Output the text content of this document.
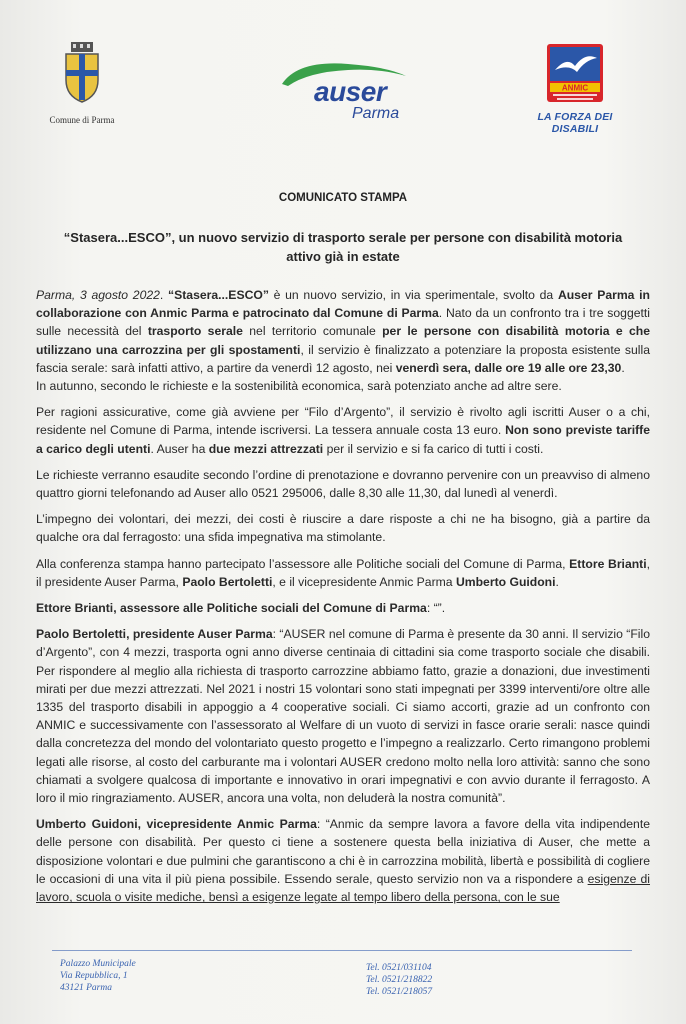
Comune di Parma
auser
Parma
ANMIC
LA FORZA DEI DISABILI
COMUNICATO STAMPA
“Stasera...ESCO”, un nuovo servizio di trasporto serale per persone con disabilità motoria attivo già in estate

Parma, 3 agosto 2022. “Stasera...ESCO” è un nuovo servizio, in via sperimentale, svolto da Auser Parma in collaborazione con Anmic Parma e patrocinato dal Comune di Parma. Nato da un confronto tra i tre soggetti sulle necessità del trasporto serale nel territorio comunale per le persone con disabilità motoria e che utilizzano una carrozzina per gli spostamenti, il servizio è finalizzato a potenziare la proposta esistente sulla fascia serale: sarà infatti attivo, a partire da venerdì 12 agosto, nei venerdì sera, dalle ore 19 alle ore 23,30.
In autunno, secondo le richieste e la sostenibilità economica, sarà potenziato anche ad altre sere.

Per ragioni assicurative, come già avviene per “Filo d’Argento”, il servizio è rivolto agli iscritti Auser o a chi, residente nel Comune di Parma, intende iscriversi. La tessera annuale costa 13 euro. Non sono previste tariffe a carico degli utenti. Auser ha due mezzi attrezzati per il servizio e si fa carico di tutti i costi.

Le richieste verranno esaudite secondo l’ordine di prenotazione e dovranno pervenire con un preavviso di almeno quattro giorni telefonando ad Auser allo 0521 295006, dalle 8,30 alle 11,30, dal lunedì al venerdì.

L’impegno dei volontari, dei mezzi, dei costi è riuscire a dare risposte a chi ne ha bisogno, già a partire da qualche ora dal ferragosto: una sfida impegnativa ma stimolante.

Alla conferenza stampa hanno partecipato l’assessore alle Politiche sociali del Comune di Parma, Ettore Brianti, il presidente Auser Parma, Paolo Bertoletti, e il vicepresidente Anmic Parma Umberto Guidoni.

Ettore Brianti, assessore alle Politiche sociali del Comune di Parma: “”.

Paolo Bertoletti, presidente Auser Parma: “AUSER nel comune di Parma è presente da 30 anni. Il servizio “Filo d’Argento”, con 4 mezzi, trasporta ogni anno diverse centinaia di cittadini sia come trasporto sociale che disabili. Per rispondere al meglio alla richiesta di trasporto carrozzine abbiamo fatto, grazie a donazioni, due investimenti mirati per due mezzi attrezzati. Nel 2021 i nostri 15 volontari sono stati impegnati per 3399 interventi/ore oltre alle 1335 del trasporto disabili in appoggio a 4 cooperative sociali. Ci siamo accorti, grazie ad un confronto con ANMIC e successivamente con l’assessorato al Welfare di un vuoto di servizi in fasce orarie serali: nasce quindi dalla concretezza del mondo del volontariato questo progetto e l’impegno a realizzarlo. Certo rimangono problemi legati alle risorse, al costo del carburante ma i volontari AUSER credono molto nella loro attività: sanno che sono chiamati a svolgere qualcosa di importante e innovativo in orari impegnativi e con avvio durante il ferragosto. A loro il mio ringraziamento. AUSER, ancora una volta, non deluderà la nostra comunità”.

Umberto Guidoni, vicepresidente Anmic Parma: “Anmic da sempre lavora a favore della vita indipendente delle persone con disabilità. Per questo ci tiene a sostenere questa bella iniziativa di Auser, che mette a disposizione volontari e due pulmini che garantiscono a chi è in carrozzina mobilità, libertà e possibilità di cogliere le occasioni di una vita il più piena possibile. Essendo serale, questo servizio non va a rispondere a esigenze di lavoro, scuola o visite mediche, bensì a esigenze legate al tempo libero della persona, con le sue

Palazzo Municipale
Via Repubblica, 1
43121 Parma
Tel. 0521/031104
Tel. 0521/218822
Tel. 0521/218057
